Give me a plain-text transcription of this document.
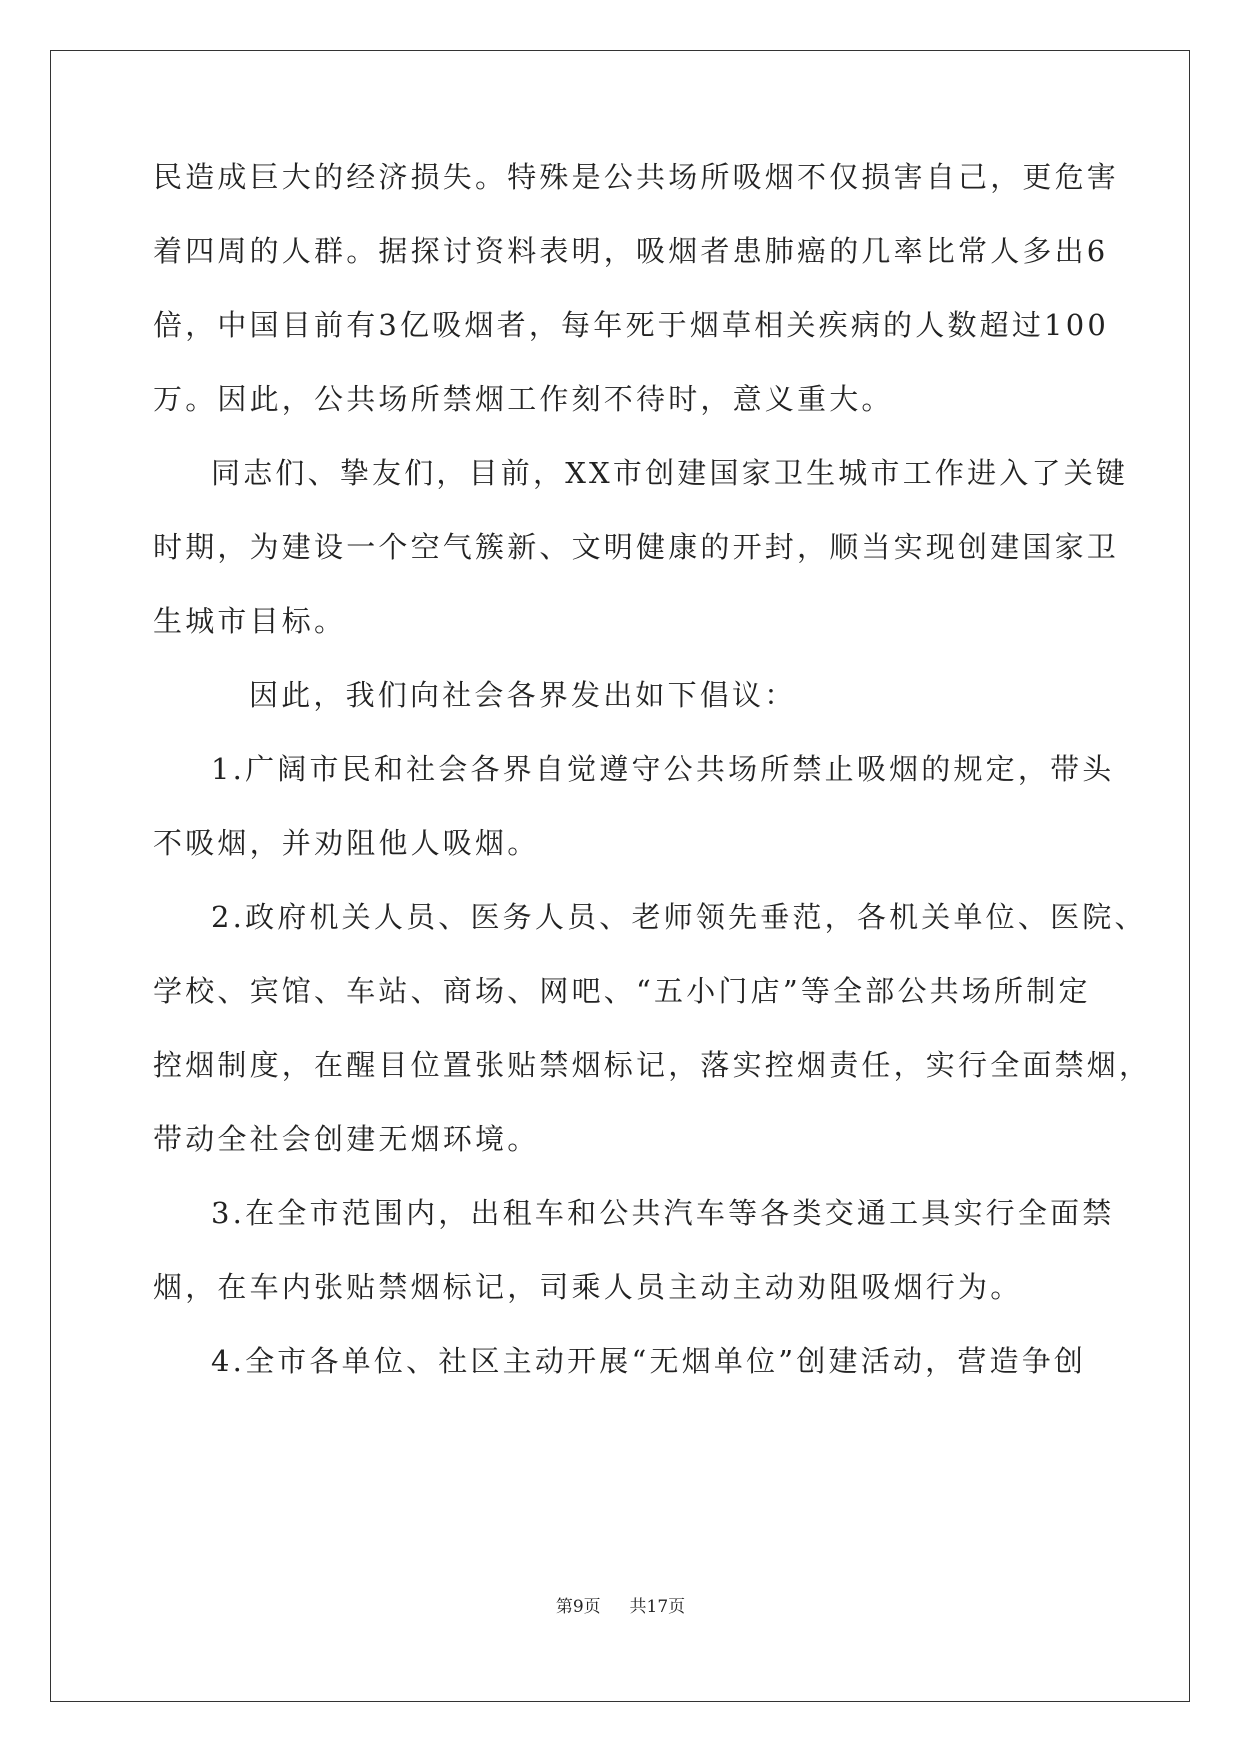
民造成巨大的经济损失。特殊是公共场所吸烟不仅损害自己，更危害
着四周的人群。据探讨资料表明，吸烟者患肺癌的几率比常人多出6
倍，中国目前有3亿吸烟者，每年死于烟草相关疾病的人数超过100
万。因此，公共场所禁烟工作刻不待时，意义重大。
同志们、挚友们，目前，XX市创建国家卫生城市工作进入了关键
时期，为建设一个空气簇新、文明健康的开封，顺当实现创建国家卫
生城市目标。
因此，我们向社会各界发出如下倡议：
1.广阔市民和社会各界自觉遵守公共场所禁止吸烟的规定，带头
不吸烟，并劝阻他人吸烟。
2.政府机关人员、医务人员、老师领先垂范，各机关单位、医院、
学校、宾馆、车站、商场、网吧、“五小门店”等全部公共场所制定
控烟制度，在醒目位置张贴禁烟标记，落实控烟责任，实行全面禁烟，
带动全社会创建无烟环境。
3.在全市范围内，出租车和公共汽车等各类交通工具实行全面禁
烟，在车内张贴禁烟标记，司乘人员主动主动劝阻吸烟行为。
4.全市各单位、社区主动开展“无烟单位”创建活动，营造争创
第9页 共17页
